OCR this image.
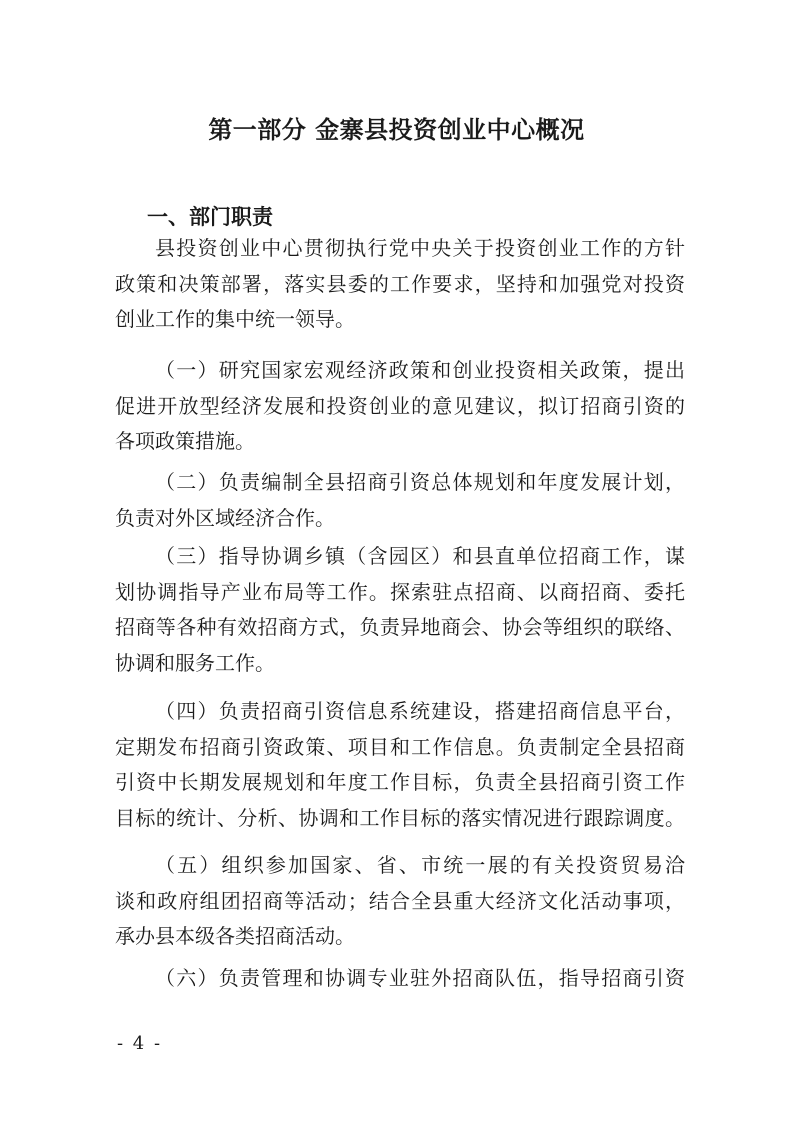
第一部分 金寨县投资创业中心概况
一、部门职责
县投资创业中心贯彻执行党中央关于投资创业工作的方针
政策和决策部署，落实县委的工作要求，坚持和加强党对投资
创业工作的集中统一领导。
（一）研究国家宏观经济政策和创业投资相关政策，提出
促进开放型经济发展和投资创业的意见建议，拟订招商引资的
各项政策措施。
（二）负责编制全县招商引资总体规划和年度发展计划，
负责对外区域经济合作。
（三）指导协调乡镇（含园区）和县直单位招商工作，谋
划协调指导产业布局等工作。探索驻点招商、以商招商、委托
招商等各种有效招商方式，负责异地商会、协会等组织的联络、
协调和服务工作。
（四）负责招商引资信息系统建设，搭建招商信息平台，
定期发布招商引资政策、项目和工作信息。负责制定全县招商
引资中长期发展规划和年度工作目标，负责全县招商引资工作
目标的统计、分析、协调和工作目标的落实情况进行跟踪调度。
（五）组织参加国家、省、市统一展的有关投资贸易洽
谈和政府组团招商等活动；结合全县重大经济文化活动事项，
承办县本级各类招商活动。
（六）负责管理和协调专业驻外招商队伍，指导招商引资
- 4 -
